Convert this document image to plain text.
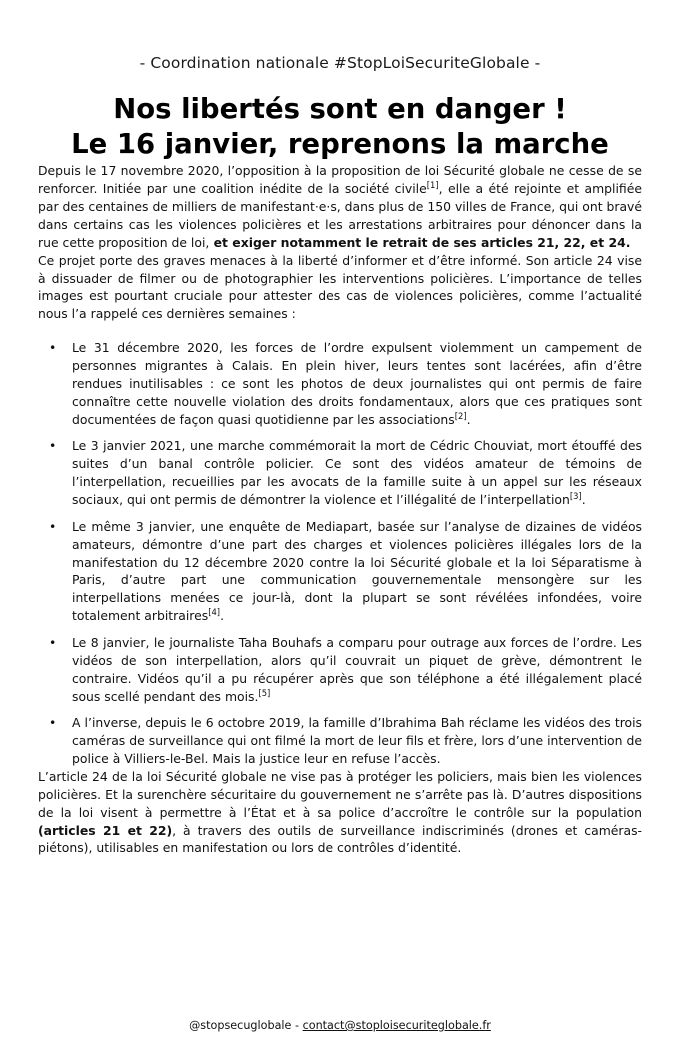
- Coordination nationale #StopLoiSecuriteGlobale -
Nos libertés sont en danger !
Le 16 janvier, reprenons la marche

Depuis le 17 novembre 2020, l’opposition à la proposition de loi Sécurité globale ne cesse de se renforcer. Initiée par une coalition inédite de la société civile[1], elle a été rejointe et amplifiée par des centaines de milliers de manifestant·e·s, dans plus de 150 villes de France, qui ont bravé dans certains cas les violences policières et les arrestations arbitraires pour dénoncer dans la rue cette proposition de loi, et exiger notamment le retrait de ses articles 21, 22, et 24.

Ce projet porte des graves menaces à la liberté d’informer et d’être informé. Son article 24 vise à dissuader de filmer ou de photographier les interventions policières. L’importance de telles images est pourtant cruciale pour attester des cas de violences policières, comme l’actualité nous l’a rappelé ces dernières semaines :

•	Le 31 décembre 2020, les forces de l’ordre expulsent violemment un campement de personnes migrantes à Calais. En plein hiver, leurs tentes sont lacérées, afin d’être rendues inutilisables : ce sont les photos de deux journalistes qui ont permis de faire connaître cette nouvelle violation des droits fondamentaux, alors que ces pratiques sont documentées de façon quasi quotidienne par les associations[2].
•	Le 3 janvier 2021, une marche commémorait la mort de Cédric Chouviat, mort étouffé des suites d’un banal contrôle policier. Ce sont des vidéos amateur de témoins de l’interpellation, recueillies par les avocats de la famille suite à un appel sur les réseaux sociaux, qui ont permis de démontrer la violence et l’illégalité de l’interpellation[3].
•	Le même 3 janvier, une enquête de Mediapart, basée sur l’analyse de dizaines de vidéos amateurs, démontre d’une part des charges et violences policières illégales lors de la manifestation du 12 décembre 2020 contre la loi Sécurité globale et la loi Séparatisme à Paris, d’autre part une communication gouvernementale mensongère sur les interpellations menées ce jour-là, dont la plupart se sont révélées infondées, voire totalement arbitraires[4].
•	Le 8 janvier, le journaliste Taha Bouhafs a comparu pour outrage aux forces de l’ordre. Les vidéos de son interpellation, alors qu’il couvrait un piquet de grève, démontrent le contraire. Vidéos qu’il a pu récupérer après que son téléphone a été illégalement placé sous scellé pendant des mois.[5]
•	A l’inverse, depuis le 6 octobre 2019, la famille d’Ibrahima Bah réclame les vidéos des trois caméras de surveillance qui ont filmé la mort de leur fils et frère, lors d’une intervention de police à Villiers-le-Bel. Mais la justice leur en refuse l’accès.

L’article 24 de la loi Sécurité globale ne vise pas à protéger les policiers, mais bien les violences policières. Et la surenchère sécuritaire du gouvernement ne s’arrête pas là. D’autres dispositions de la loi visent à permettre à l’État et à sa police d’accroître le contrôle sur la population (articles 21 et 22), à travers des outils de surveillance indiscriminés (drones et caméras-piétons), utilisables en manifestation ou lors de contrôles d’identité.

@stopsecuglobale - contact@stoploisecuriteglobale.fr
